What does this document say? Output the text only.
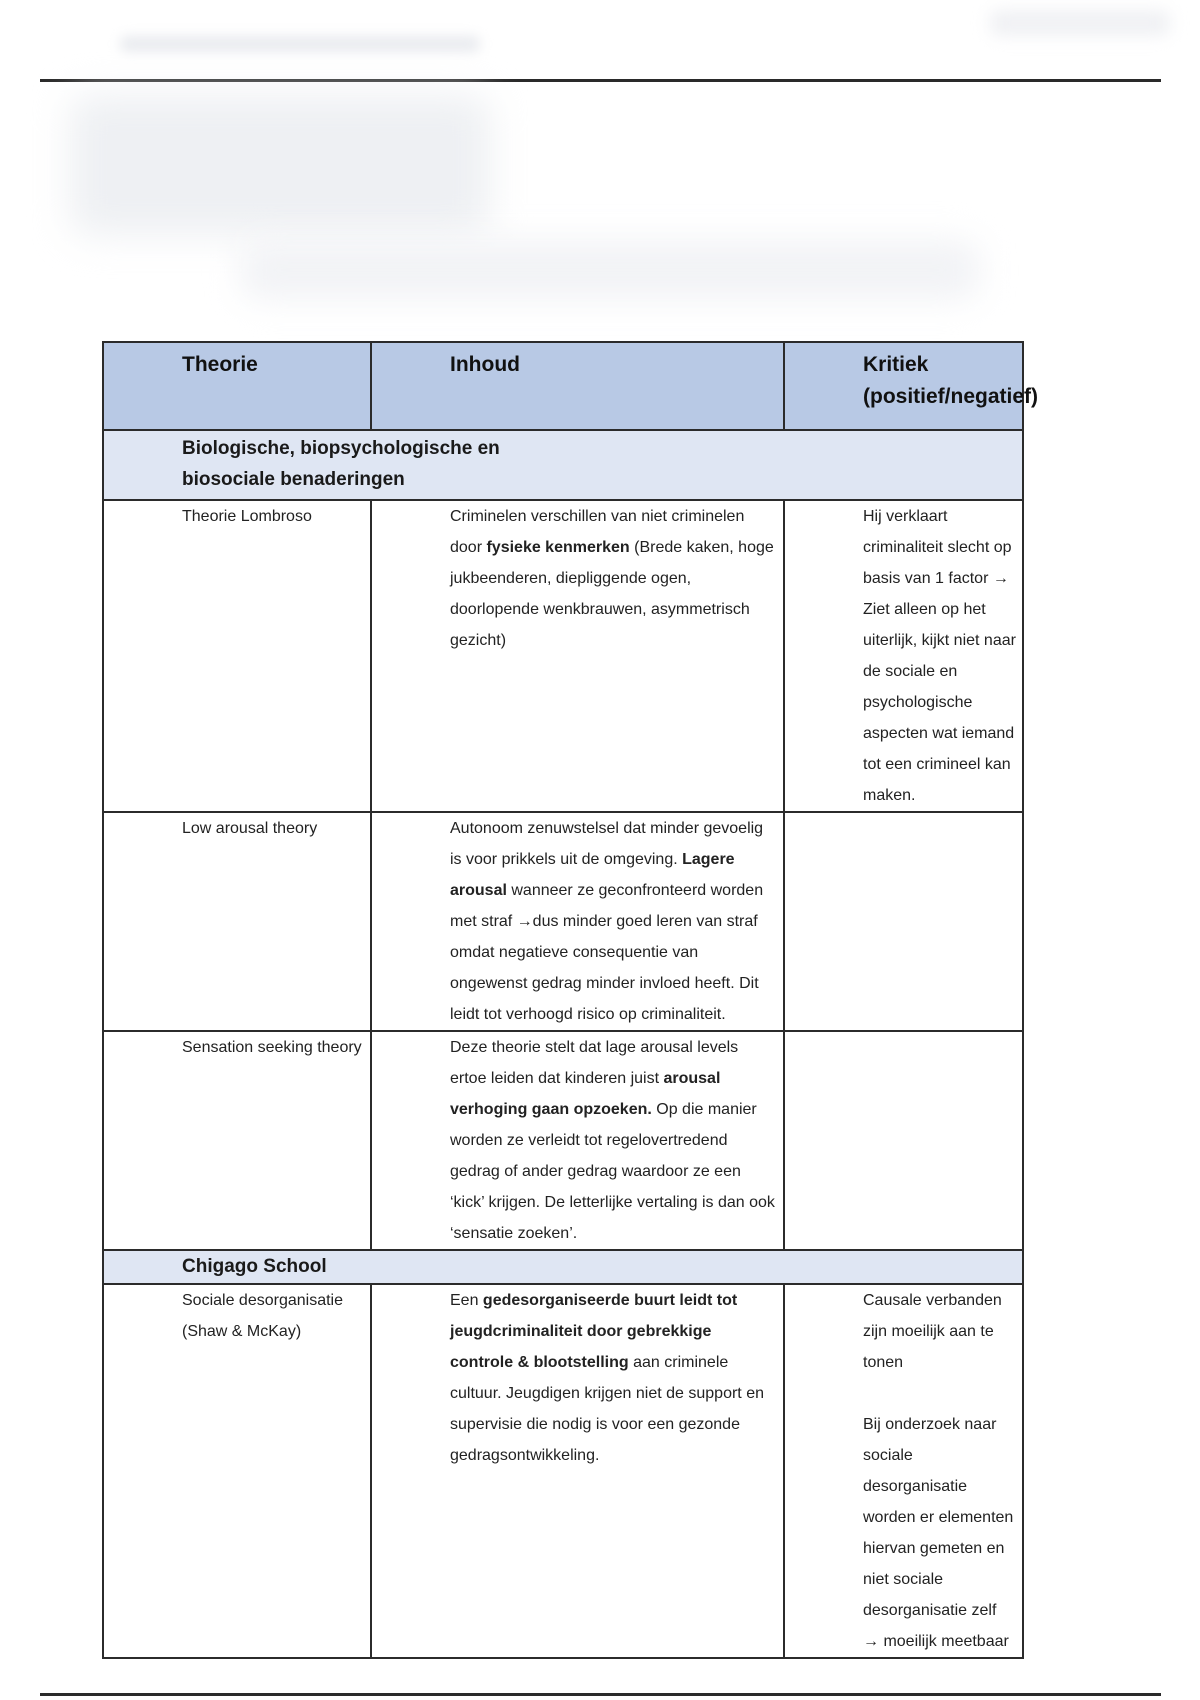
Theorie	Inhoud	Kritiek
(positief/negatief)

Biologische, biopsychologische en biosociale benaderingen		

Theorie Lombroso	Criminelen verschillen van niet criminelen door fysieke kenmerken (Brede kaken, hoge jukbeenderen, diepliggende ogen, doorlopende wenkbrauwen, asymmetrisch gezicht)	Hij verklaart criminaliteit slecht op basis van 1 factor → Ziet alleen op het uiterlijk, kijkt niet naar de sociale en psychologische aspecten wat iemand tot een crimineel kan maken.

Low arousal theory	Autonoom zenuwstelsel dat minder gevoelig is voor prikkels uit de omgeving. Lagere arousal wanneer ze geconfronteerd worden met straf →dus minder goed leren van straf omdat negatieve consequentie van ongewenst gedrag minder invloed heeft. Dit leidt tot verhoogd risico op criminaliteit.	

Sensation seeking theory	Deze theorie stelt dat lage arousal levels ertoe leiden dat kinderen juist arousal verhoging gaan opzoeken. Op die manier worden ze verleidt tot regelovertredend gedrag of ander gedrag waardoor ze een ‘kick’ krijgen. De letterlijke vertaling is dan ook ‘sensatie zoeken’.	

Chigago School		

Sociale desorganisatie (Shaw & McKay)	Een gedesorganiseerde buurt leidt tot jeugdcriminaliteit door gebrekkige controle & blootstelling aan criminele cultuur. Jeugdigen krijgen niet de support en supervisie die nodig is voor een gezonde gedragsontwikkeling.	Causale verbanden zijn moeilijk aan te tonen
Bij onderzoek naar sociale desorganisatie worden er elementen hiervan gemeten en niet sociale desorganisatie zelf → moeilijk meetbaar
